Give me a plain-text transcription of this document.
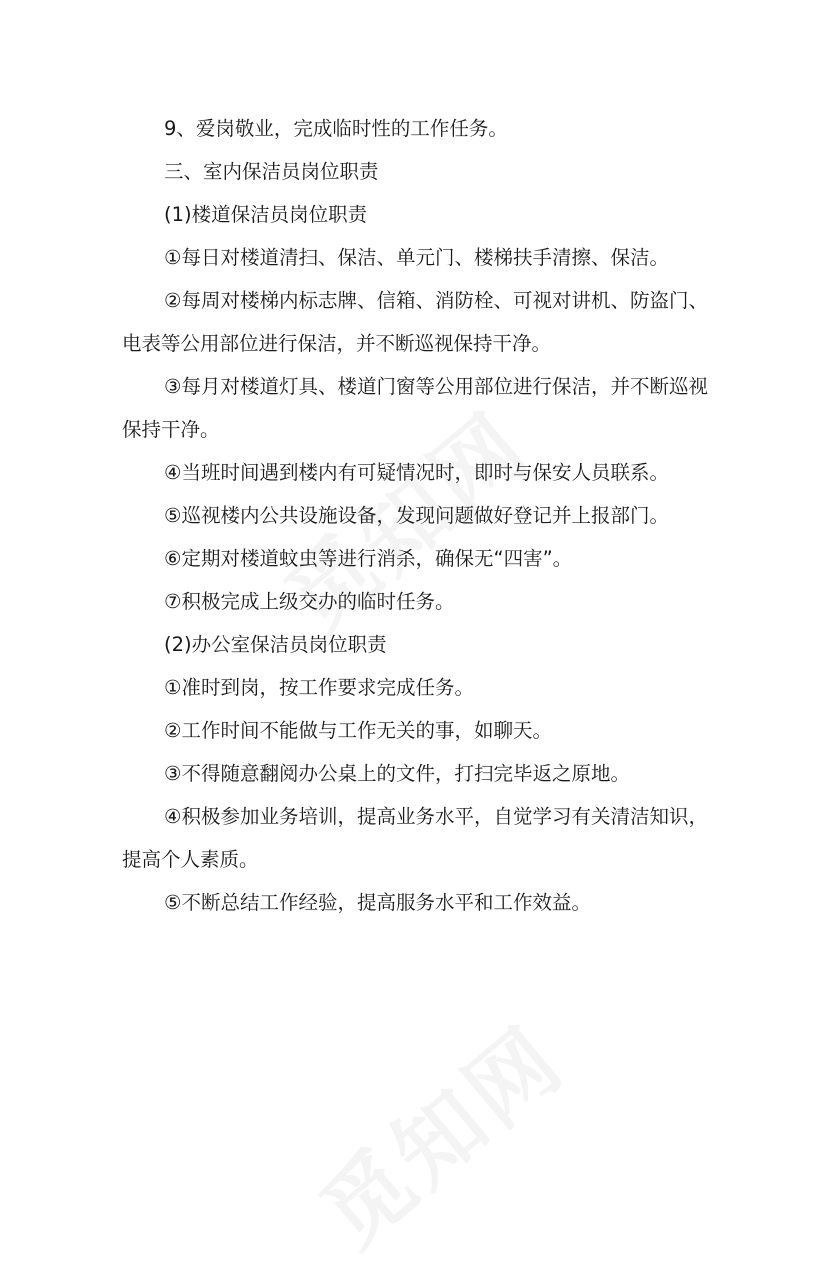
9、爱岗敬业，完成临时性的工作任务。

三、室内保洁员岗位职责

(1)楼道保洁员岗位职责

①每日对楼道清扫、保洁、单元门、楼梯扶手清擦、保洁。

②每周对楼梯内标志牌、信箱、消防栓、可视对讲机、防盗门、

电表等公用部位进行保洁，并不断巡视保持干净。

③每月对楼道灯具、楼道门窗等公用部位进行保洁，并不断巡视

保持干净。

④当班时间遇到楼内有可疑情况时，即时与保安人员联系。

⑤巡视楼内公共设施设备，发现问题做好登记并上报部门。

⑥定期对楼道蚊虫等进行消杀，确保无“四害”。

⑦积极完成上级交办的临时任务。

(2)办公室保洁员岗位职责

①准时到岗，按工作要求完成任务。

②工作时间不能做与工作无关的事，如聊天。

③不得随意翻阅办公桌上的文件，打扫完毕返之原地。

④积极参加业务培训，提高业务水平，自觉学习有关清洁知识，

提高个人素质。

⑤不断总结工作经验，提高服务水平和工作效益。
